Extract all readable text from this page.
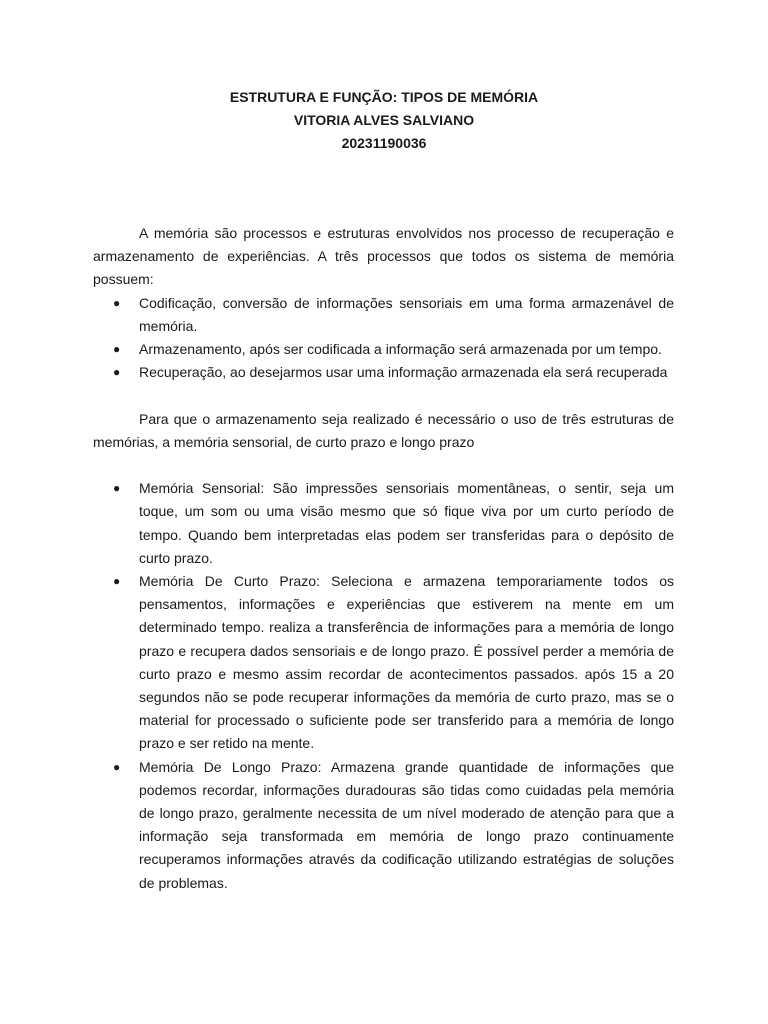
ESTRUTURA E FUNÇÃO: TIPOS DE MEMÓRIA

VITORIA ALVES SALVIANO

20231190036

A memória são processos e estruturas envolvidos nos processo de recuperação e armazenamento de experiências. A três processos que todos os sistema de memória possuem:

● Codificação, conversão de informações sensoriais em uma forma armazenável de memória.
● Armazenamento, após ser codificada a informação será armazenada por um tempo.
● Recuperação, ao desejarmos usar uma informação armazenada ela será recuperada

Para que o armazenamento seja realizado é necessário o uso de três estruturas de memórias, a memória sensorial, de curto prazo e longo prazo

● Memória Sensorial: São impressões sensoriais momentâneas, o sentir, seja um toque, um som ou uma visão mesmo que só fique viva por um curto período de tempo. Quando bem interpretadas elas podem ser transferidas para o depósito de curto prazo.
● Memória De Curto Prazo: Seleciona e armazena temporariamente todos os pensamentos, informações e experiências que estiverem na mente em um determinado tempo. realiza a transferência de informações para a memória de longo prazo e recupera dados sensoriais e de longo prazo. É possível perder a memória de curto prazo e mesmo assim recordar de acontecimentos passados. após 15 a 20 segundos não se pode recuperar informações da memória de curto prazo, mas se o material for processado o suficiente pode ser transferido para a memória de longo prazo e ser retido na mente.
● Memória De Longo Prazo: Armazena grande quantidade de informações que podemos recordar, informações duradouras são tidas como cuidadas pela memória de longo prazo, geralmente necessita de um nível moderado de atenção para que a informação seja transformada em memória de longo prazo continuamente recuperamos informações através da codificação utilizando estratégias de soluções de problemas.
